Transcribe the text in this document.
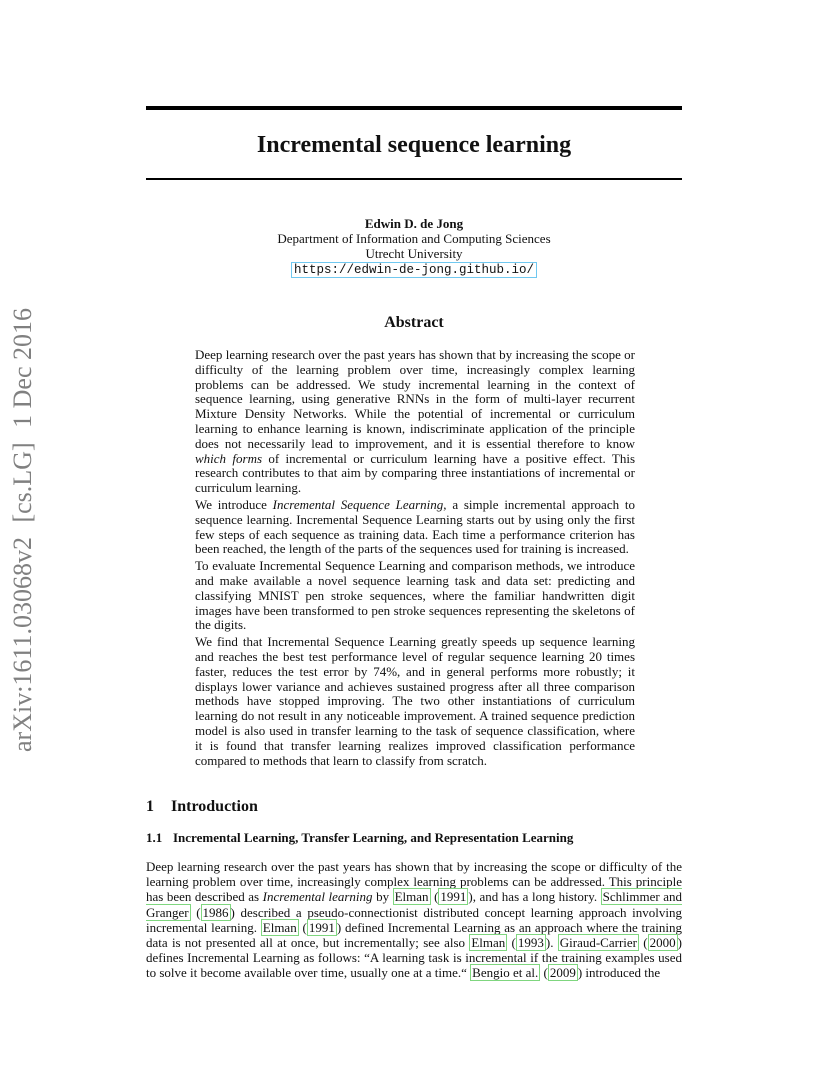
arXiv:1611.03068v2 [cs.LG] 1 Dec 2016
Incremental sequence learning
Edwin D. de Jong
Department of Information and Computing Sciences
Utrecht University
https://edwin-de-jong.github.io/
Abstract

Deep learning research over the past years has shown that by increasing the scope or difficulty of the learning problem over time, increasingly complex learning problems can be addressed. We study incremental learning in the context of sequence learning, using generative RNNs in the form of multi-layer recurrent Mixture Density Networks. While the potential of incremental or curriculum learning to enhance learning is known, indiscriminate application of the principle does not necessarily lead to improvement, and it is essential therefore to know which forms of incremental or curriculum learning have a positive effect. This research contributes to that aim by comparing three instantiations of incremental or curriculum learning.

We introduce Incremental Sequence Learning, a simple incremental approach to sequence learning. Incremental Sequence Learning starts out by using only the first few steps of each sequence as training data. Each time a performance criterion has been reached, the length of the parts of the sequences used for training is increased.

To evaluate Incremental Sequence Learning and comparison methods, we introduce and make available a novel sequence learning task and data set: predicting and classifying MNIST pen stroke sequences, where the familiar handwritten digit images have been transformed to pen stroke sequences representing the skeletons of the digits.

We find that Incremental Sequence Learning greatly speeds up sequence learning and reaches the best test performance level of regular sequence learning 20 times faster, reduces the test error by 74%, and in general performs more robustly; it displays lower variance and achieves sustained progress after all three comparison methods have stopped improving. The two other instantiations of curriculum learning do not result in any noticeable improvement. A trained sequence prediction model is also used in transfer learning to the task of sequence classification, where it is found that transfer learning realizes improved classification performance compared to methods that learn to classify from scratch.

1 Introduction
1.1 Incremental Learning, Transfer Learning, and Representation Learning

Deep learning research over the past years has shown that by increasing the scope or difficulty of the learning problem over time, increasingly complex learning problems can be addressed. This principle has been described as Incremental learning by Elman ( 1991 ), and has a long history. Schlimmer and Granger ( 1986 ) described a pseudo-connectionist distributed concept learning approach involving incremental learning. Elman ( 1991 ) defined Incremental Learning as an approach where the training data is not presented all at once, but incrementally; see also Elman ( 1993 ). Giraud-Carrier ( 2000 ) defines Incremental Learning as follows: “A learning task is incremental if the training examples used to solve it become available over time, usually one at a time.“ Bengio et al. ( 2009 ) introduced the
